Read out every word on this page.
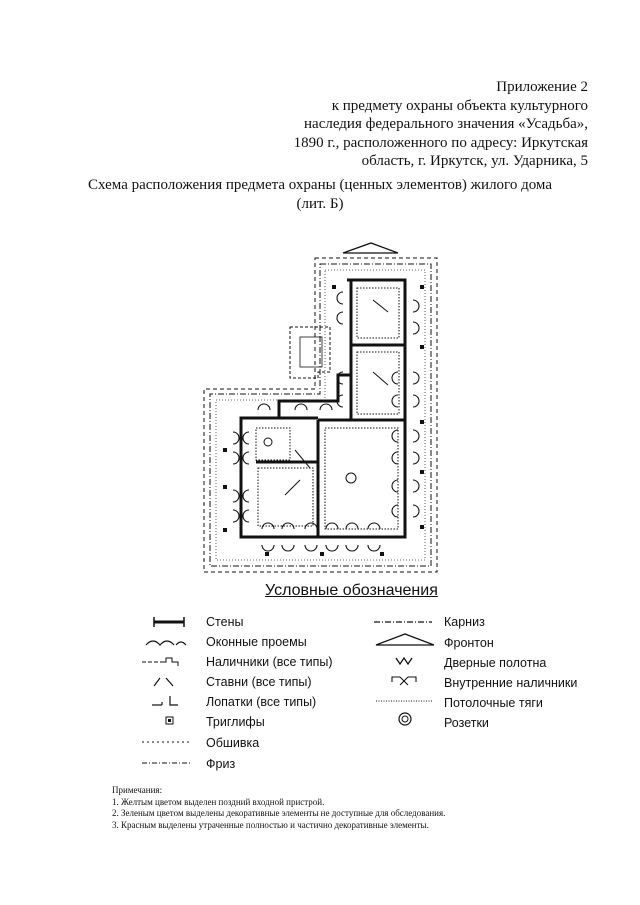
Приложение 2
к предмету охраны объекта культурного
наследия федерального значения «Усадьба»,
1890 г., расположенного по адресу: Иркутская
область, г. Иркутск, ул. Ударника, 5
Схема расположения предмета охраны (ценных элементов) жилого дома
(лит. Б)
Условные обозначения
Стены
Оконные проемы
Наличники (все типы)
Ставни (все типы)
Лопатки (все типы)
Триглифы
Обшивка
Фриз
Карниз
Фронтон
Дверные полотна
Внутренние наличники
Потолочные тяги
Розетки
Примечания:
1. Желтым цветом выделен поздний входной пристрой.
2. Зеленым цветом выделены декоративные элементы не доступные для обследования.
3. Красным выделены утраченные полностью и частично декоративные элементы.
